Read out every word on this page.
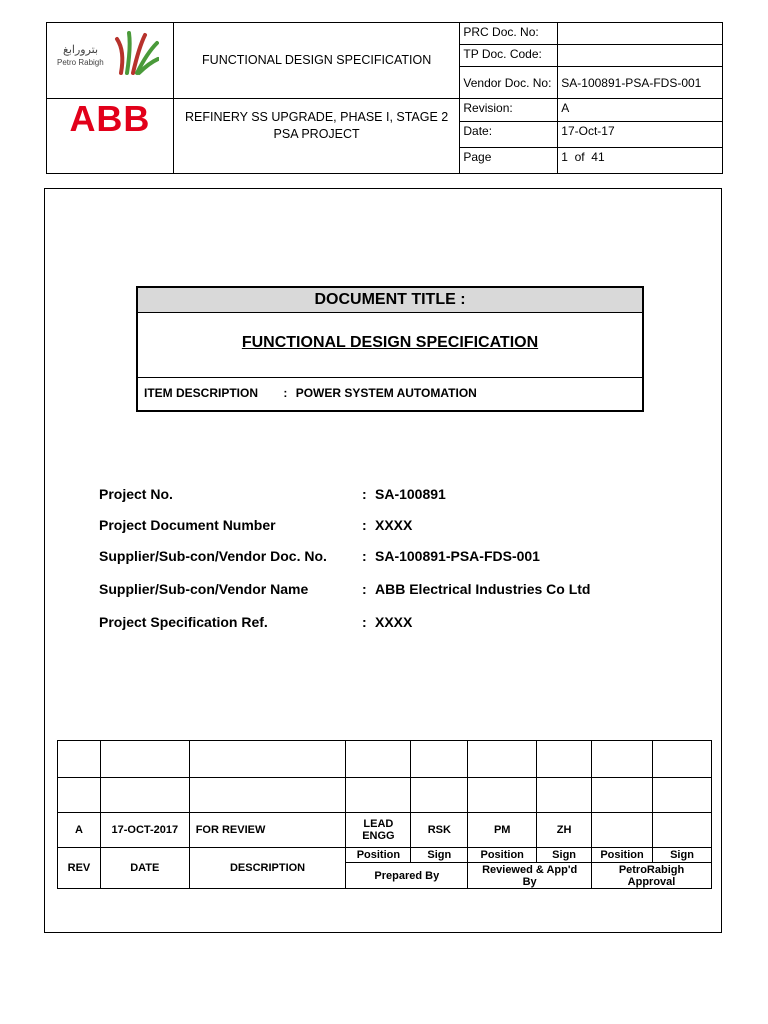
بترورابغ
Petro Rabigh	FUNCTIONAL DESIGN SPECIFICATION	PRC Doc. No:	
		TP Doc. Code:	
		Vendor Doc. No:	SA-100891-PSA-FDS-001

ABB	REFINERY SS UPGRADE, PHASE I, STAGE 2
PSA PROJECT	Revision:	A
		Date:	17-Oct-17
		Page	1  of  41
DOCUMENT TITLE :
FUNCTIONAL DESIGN SPECIFICATION
ITEM DESCRIPTION : POWER SYSTEM AUTOMATION
Project No.	: SA-100891
Project Document Number	: XXXX
Supplier/Sub-con/Vendor Doc. No.	: SA-100891-PSA-FDS-001
Supplier/Sub-con/Vendor Name	: ABB Electrical Industries Co Ltd
Project Specification Ref.	: XXXX

A	17-OCT-2017	FOR REVIEW	LEAD ENGG	RSK	PM	ZH		
REV	DATE	DESCRIPTION	Position	Sign	Position	Sign	Position	Sign
			Prepared By		Reviewed & App'd By		PetroRabigh Approval	
